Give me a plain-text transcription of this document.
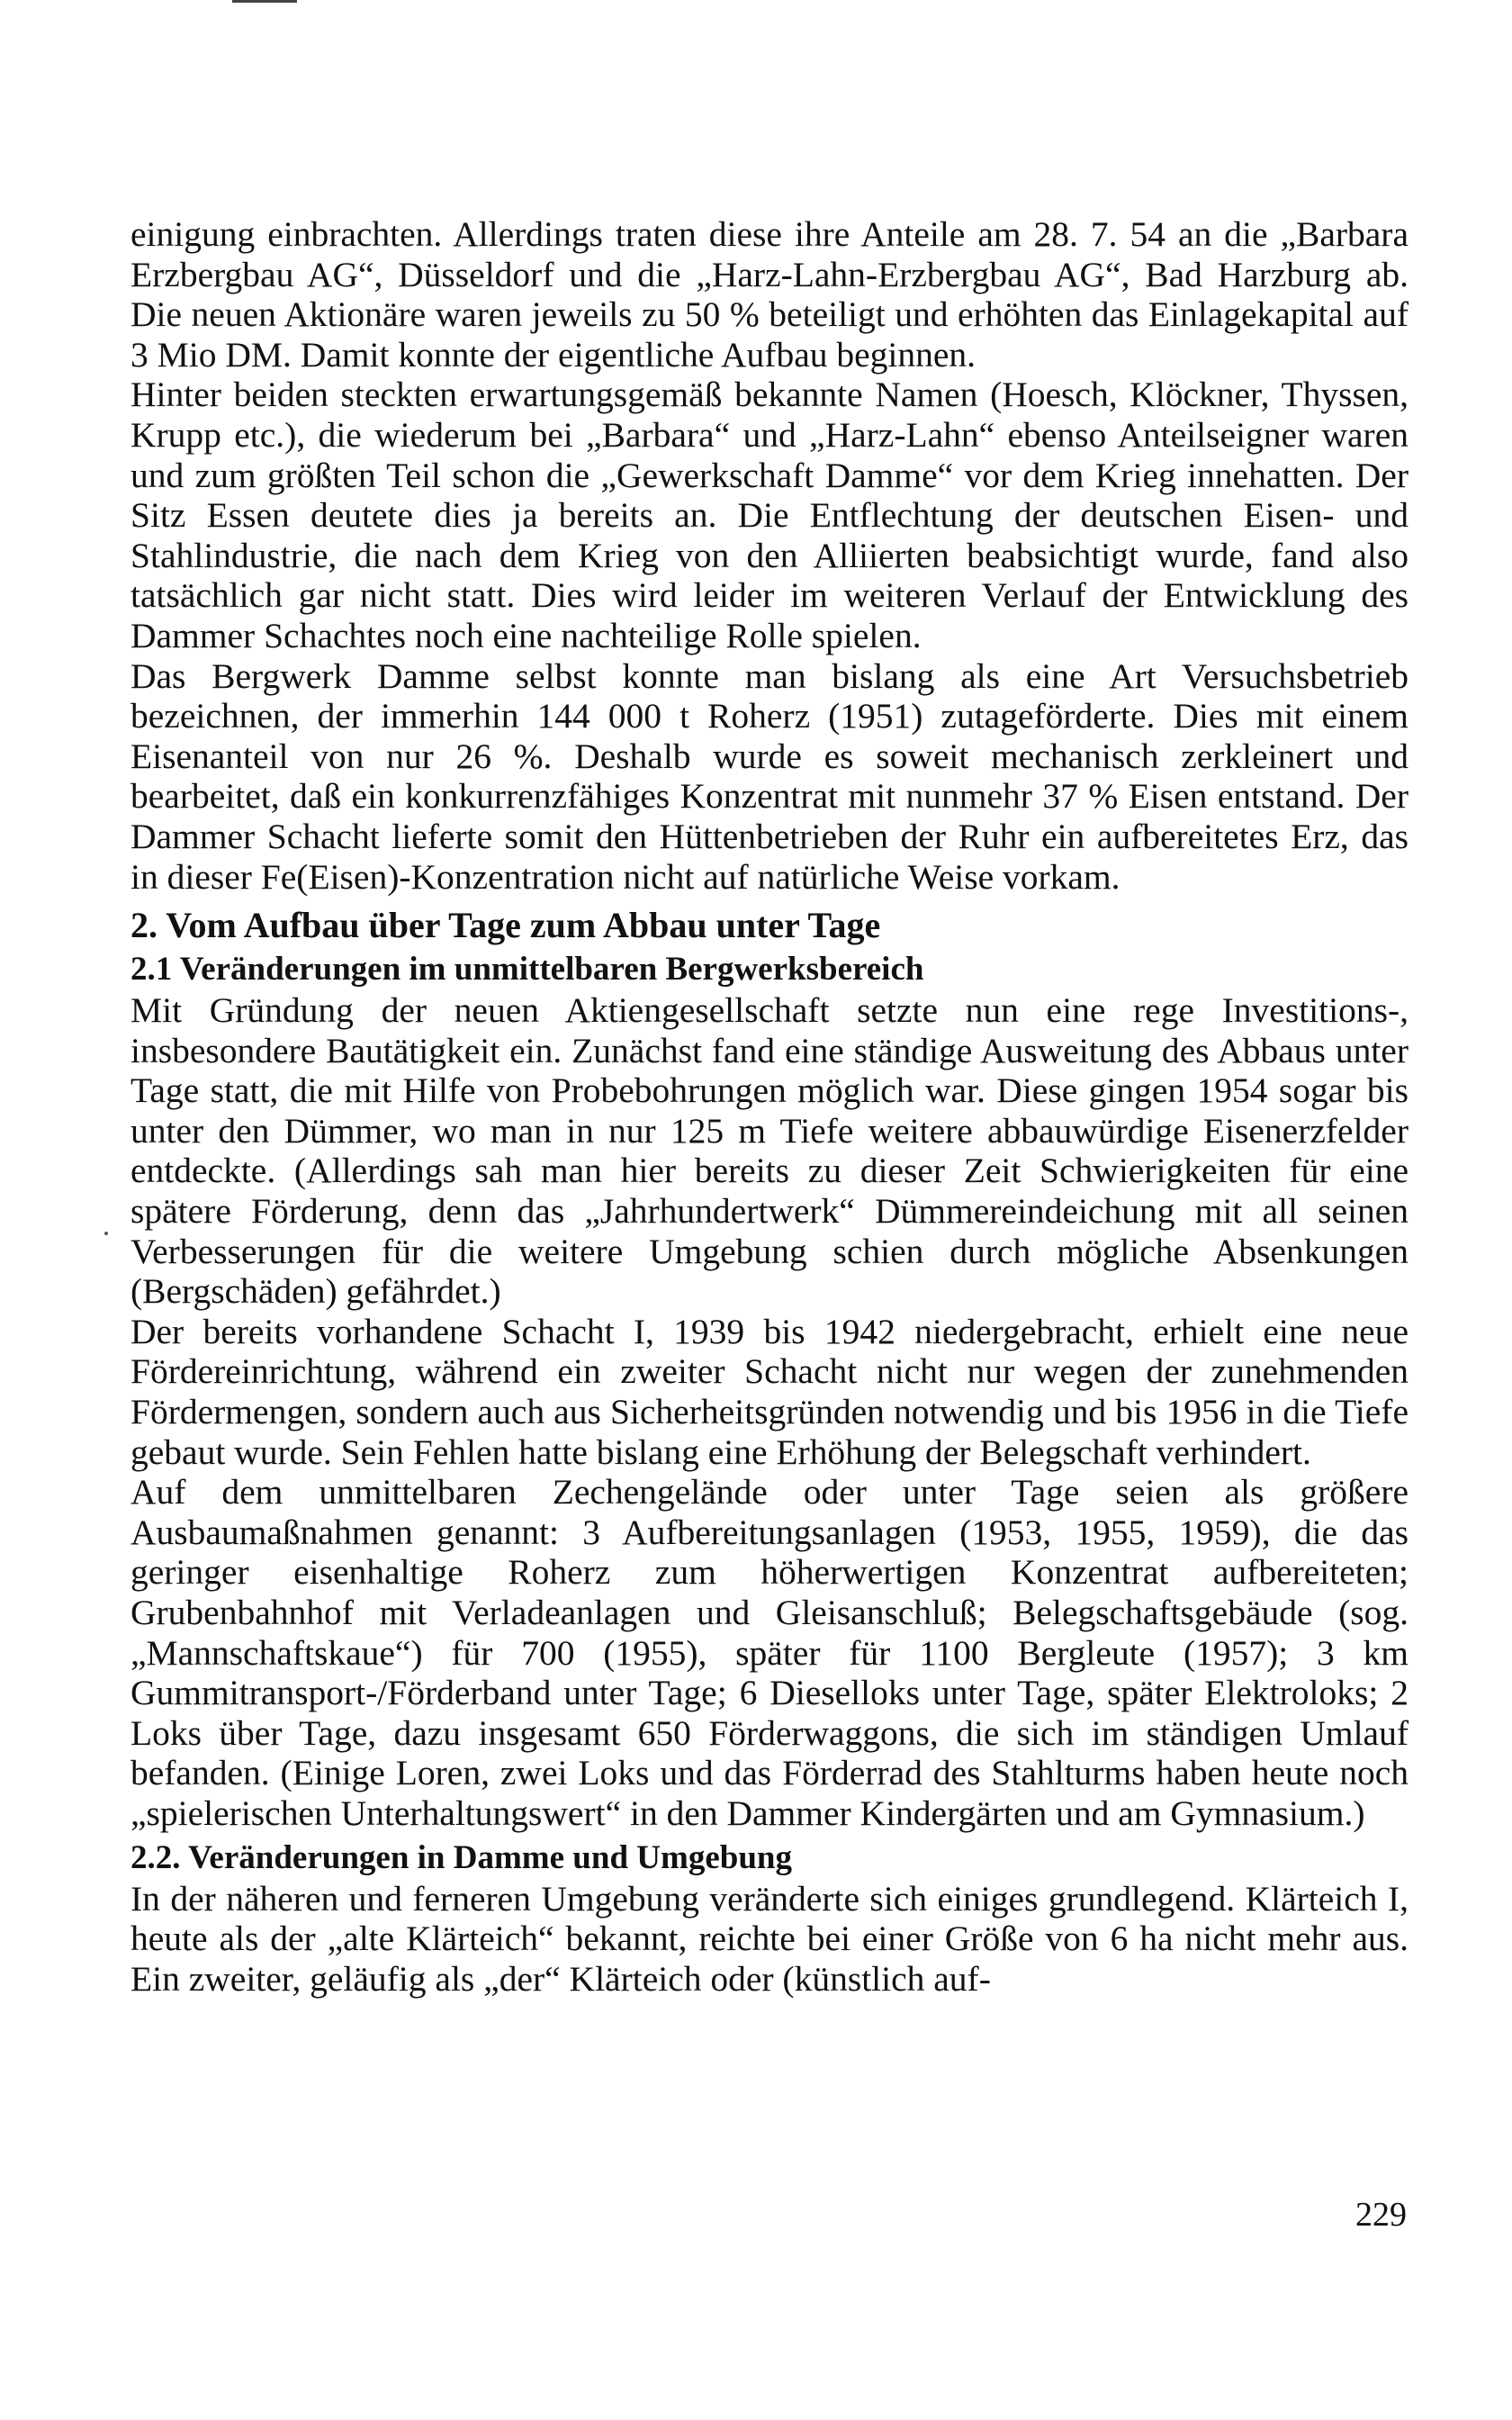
einigung einbrachten. Allerdings traten diese ihre Anteile am 28. 7. 54 an die „Barbara Erzbergbau AG“, Düsseldorf und die „Harz-Lahn-Erzbergbau AG“, Bad Harzburg ab. Die neuen Aktionäre waren jeweils zu 50 % beteiligt und erhöhten das Einlagekapital auf 3 Mio DM. Damit konnte der eigentliche Aufbau beginnen.

Hinter beiden steckten erwartungsgemäß bekannte Namen (Hoesch, Klöckner, Thyssen, Krupp etc.), die wiederum bei „Barbara“ und „Harz-Lahn“ ebenso Anteilseigner waren und zum größten Teil schon die „Gewerkschaft Damme“ vor dem Krieg innehatten. Der Sitz Essen deutete dies ja bereits an. Die Entflechtung der deutschen Eisen- und Stahlindustrie, die nach dem Krieg von den Alliierten beabsichtigt wurde, fand also tatsächlich gar nicht statt. Dies wird leider im weiteren Verlauf der Entwicklung des Dammer Schachtes noch eine nachteilige Rolle spielen.

Das Bergwerk Damme selbst konnte man bislang als eine Art Versuchsbetrieb bezeichnen, der immerhin 144 000 t Roherz (1951) zutageförderte. Dies mit einem Eisenanteil von nur 26 %. Deshalb wurde es soweit mechanisch zerkleinert und bearbeitet, daß ein konkurrenzfähiges Konzentrat mit nunmehr 37 % Eisen entstand. Der Dammer Schacht lieferte somit den Hüttenbetrieben der Ruhr ein aufbereitetes Erz, das in dieser Fe(Eisen)-Konzentration nicht auf natürliche Weise vorkam.

2. Vom Aufbau über Tage zum Abbau unter Tage
2.1 Veränderungen im unmittelbaren Bergwerksbereich

Mit Gründung der neuen Aktiengesellschaft setzte nun eine rege Investitions-, insbesondere Bautätigkeit ein. Zunächst fand eine ständige Ausweitung des Abbaus unter Tage statt, die mit Hilfe von Probebohrungen möglich war. Diese gingen 1954 sogar bis unter den Dümmer, wo man in nur 125 m Tiefe weitere abbauwürdige Eisenerzfelder entdeckte. (Allerdings sah man hier bereits zu dieser Zeit Schwierigkeiten für eine spätere Förderung, denn das „Jahrhundertwerk“ Dümmereindeichung mit all seinen Verbesserungen für die weitere Umgebung schien durch mögliche Absenkungen (Bergschäden) gefährdet.)

Der bereits vorhandene Schacht I, 1939 bis 1942 niedergebracht, erhielt eine neue Fördereinrichtung, während ein zweiter Schacht nicht nur wegen der zunehmenden Fördermengen, sondern auch aus Sicherheitsgründen notwendig und bis 1956 in die Tiefe gebaut wurde. Sein Fehlen hatte bislang eine Erhöhung der Belegschaft verhindert.

Auf dem unmittelbaren Zechengelände oder unter Tage seien als größere Ausbaumaßnahmen genannt: 3 Aufbereitungsanlagen (1953, 1955, 1959), die das geringer eisenhaltige Roherz zum höherwertigen Konzentrat aufbereiteten; Grubenbahnhof mit Verladeanlagen und Gleisanschluß; Belegschaftsgebäude (sog. „Mannschaftskaue“) für 700 (1955), später für 1100 Bergleute (1957); 3 km Gummitransport-/Förderband unter Tage; 6 Dieselloks unter Tage, später Elektroloks; 2 Loks über Tage, dazu insgesamt 650 Förderwaggons, die sich im ständigen Umlauf befanden. (Einige Loren, zwei Loks und das Förderrad des Stahlturms haben heute noch „spielerischen Unterhaltungswert“ in den Dammer Kindergärten und am Gymnasium.)

2.2. Veränderungen in Damme und Umgebung

In der näheren und ferneren Umgebung veränderte sich einiges grundlegend. Klärteich I, heute als der „alte Klärteich“ bekannt, reichte bei einer Größe von 6 ha nicht mehr aus. Ein zweiter, geläufig als „der“ Klärteich oder (künstlich auf-

229
